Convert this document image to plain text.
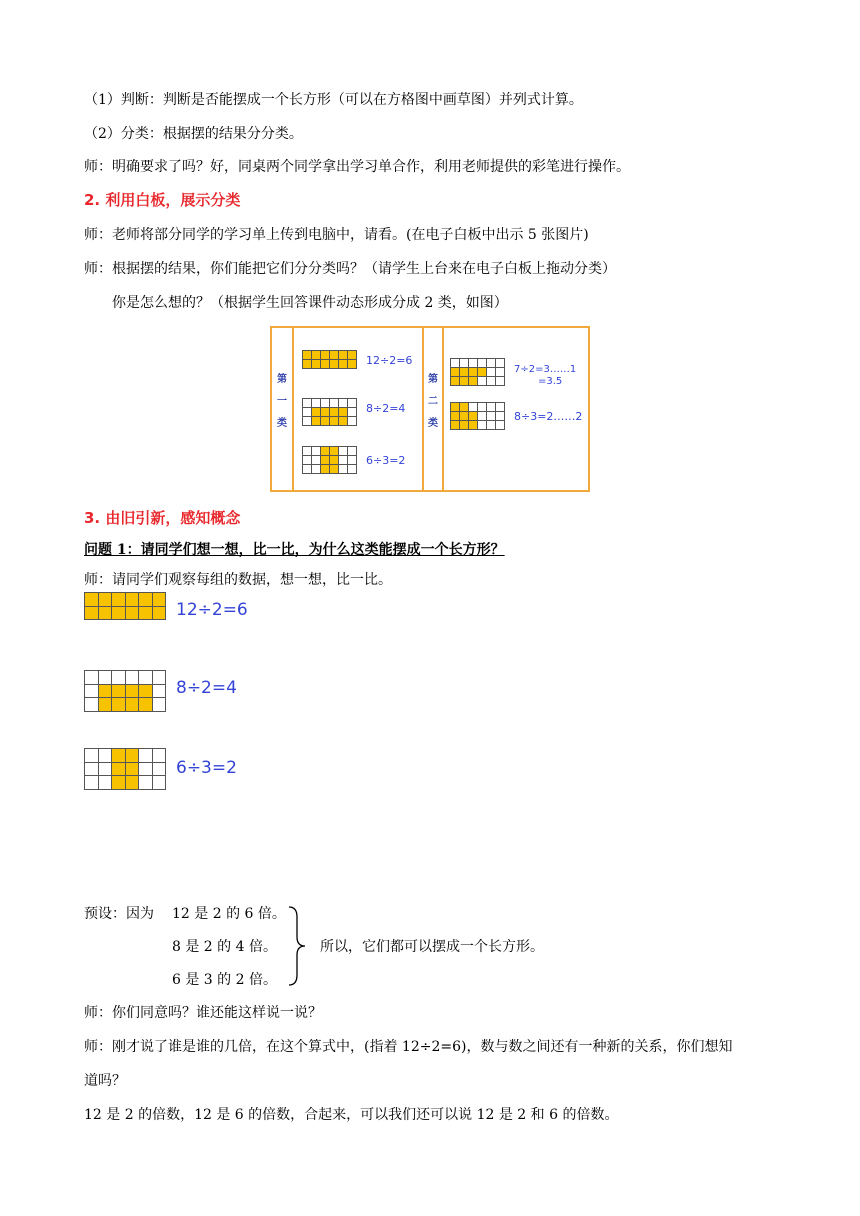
（1）判断：判断是否能摆成一个长方形（可以在方格图中画草图）并列式计算。
（2）分类：根据摆的结果分分类。
师：明确要求了吗？好，同桌两个同学拿出学习单合作，利用老师提供的彩笔进行操作。
2. 利用白板，展示分类
师：老师将部分同学的学习单上传到电脑中，请看。(在电子白板中出示 5 张图片)
师：根据摆的结果，你们能把它们分分类吗？（请学生上台来在电子白板上拖动分类）
你是怎么想的？（根据学生回答课件动态形成分成 2 类，如图）
第
一
类
第
二
类
12÷2=6
8÷2=4
6÷3=2
7÷2=3……1
=3.5
8÷3=2……2
3. 由旧引新，感知概念
问题 1：请同学们想一想，比一比，为什么这类能摆成一个长方形？
师：请同学们观察每组的数据，想一想，比一比。
12÷2=6
8÷2=4
6÷3=2
预设：因为 12 是 2 的 6 倍。
8 是 2 的 4 倍。
6 是 3 的 2 倍。
所以，它们都可以摆成一个长方形。
师：你们同意吗？谁还能这样说一说？
师：刚才说了谁是谁的几倍，在这个算式中，(指着 12÷2=6)，数与数之间还有一种新的关系，你们想知
道吗？
12 是 2 的倍数，12 是 6 的倍数，合起来，可以我们还可以说 12 是 2 和 6 的倍数。
